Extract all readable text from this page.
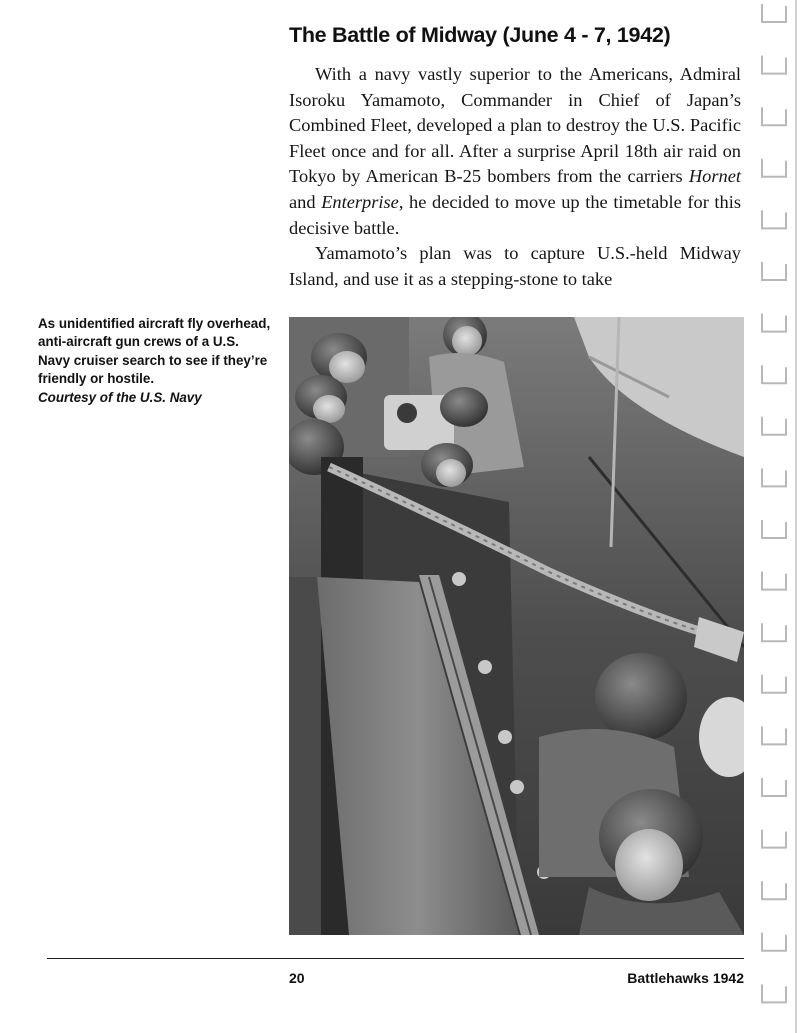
The Battle of Midway (June 4 - 7, 1942)

With a navy vastly superior to the Americans, Admiral Isoroku Yamamoto, Commander in Chief of Japan’s Combined Fleet, developed a plan to destroy the U.S. Pacific Fleet once and for all. After a surprise April 18th air raid on Tokyo by American B-25 bombers from the carriers Hornet and Enterprise, he decided to move up the timetable for this decisive battle.

Yamamoto’s plan was to capture U.S.-held Midway Island, and use it as a stepping-stone to take

As unidentified aircraft fly overhead, anti-aircraft gun crews of a U.S. Navy cruiser search to see if they’re friendly or hostile.
Courtesy of the U.S. Navy
20	Battlehawks 1942
